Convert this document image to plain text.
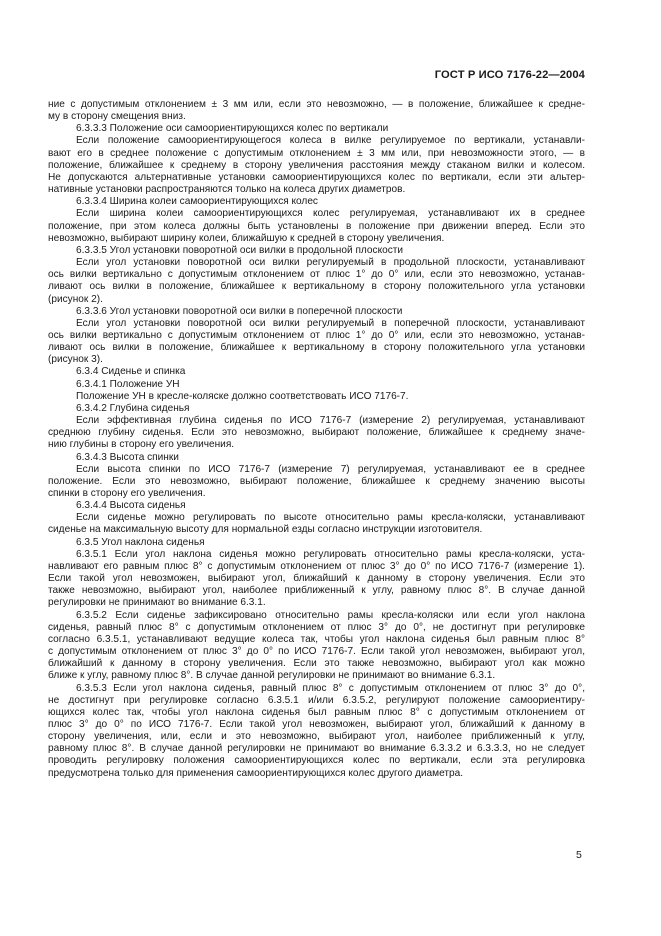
ГОСТ Р ИСО 7176-22—2004
ние с допустимым отклонением ± 3 мм или, если это невозможно, — в положение, ближайшее к средне-
му в сторону смещения вниз.
6.3.3.3 Положение оси самоориентирующихся колес по вертикали
Если положение самоориентирующегося колеса в вилке регулируемое по вертикали, устанавли-
вают его в среднее положение с допустимым отклонением ± 3 мм или, при невозможности этого, — в
положение, ближайшее к среднему в сторону увеличения расстояния между стаканом вилки и колесом.
Не допускаются альтернативные установки самоориентирующихся колес по вертикали, если эти альтер-
нативные установки распространяются только на колеса других диаметров.
6.3.3.4 Ширина колеи самоориентирующихся колес
Если ширина колеи самоориентирующихся колес регулируемая, устанавливают их в среднее
положение, при этом колеса должны быть установлены в положение при движении вперед. Если это
невозможно, выбирают ширину колеи, ближайшую к средней в сторону увеличения.
6.3.3.5 Угол установки поворотной оси вилки в продольной плоскости
Если угол установки поворотной оси вилки регулируемый в продольной плоскости, устанавливают
ось вилки вертикально с допустимым отклонением от плюс 1° до 0° или, если это невозможно, устанав-
ливают ось вилки в положение, ближайшее к вертикальному в сторону положительного угла установки
(рисунок 2).
6.3.3.6 Угол установки поворотной оси вилки в поперечной плоскости
Если угол установки поворотной оси вилки регулируемый в поперечной плоскости, устанавливают
ось вилки вертикально с допустимым отклонением от плюс 1° до 0° или, если это невозможно, устанав-
ливают ось вилки в положение, ближайшее к вертикальному в сторону положительного угла установки
(рисунок 3).
6.3.4 Сиденье и спинка
6.3.4.1 Положение УН
Положение УН в кресле-коляске должно соответствовать ИСО 7176-7.
6.3.4.2 Глубина сиденья
Если эффективная глубина сиденья по ИСО 7176-7 (измерение 2) регулируемая, устанавливают
среднюю глубину сиденья. Если это невозможно, выбирают положение, ближайшее к среднему значе-
нию глубины в сторону его увеличения.
6.3.4.3 Высота спинки
Если высота спинки по ИСО 7176-7 (измерение 7) регулируемая, устанавливают ее в среднее
положение. Если это невозможно, выбирают положение, ближайшее к среднему значению высоты
спинки в сторону его увеличения.
6.3.4.4 Высота сиденья
Если сиденье можно регулировать по высоте относительно рамы кресла-коляски, устанавливают
сиденье на максимальную высоту для нормальной езды согласно инструкции изготовителя.
6.3.5 Угол наклона сиденья
6.3.5.1 Если угол наклона сиденья можно регулировать относительно рамы кресла-коляски, уста-
навливают его равным плюс 8° с допустимым отклонением от плюс 3° до 0° по ИСО 7176-7 (измерение 1).
Если такой угол невозможен, выбирают угол, ближайший к данному в сторону увеличения. Если это
также невозможно, выбирают угол, наиболее приближенный к углу, равному плюс 8°. В случае данной
регулировки не принимают во внимание 6.3.1.
6.3.5.2 Если сиденье зафиксировано относительно рамы кресла-коляски или если угол наклона
сиденья, равный плюс 8° с допустимым отклонением от плюс 3° до 0°, не достигнут при регулировке
согласно 6.3.5.1, устанавливают ведущие колеса так, чтобы угол наклона сиденья был равным плюс 8°
с допустимым отклонением от плюс 3° до 0° по ИСО 7176-7. Если такой угол невозможен, выбирают угол,
ближайший к данному в сторону увеличения. Если это также невозможно, выбирают угол как можно
ближе к углу, равному плюс 8°. В случае данной регулировки не принимают во внимание 6.3.1.
6.3.5.3 Если угол наклона сиденья, равный плюс 8° с допустимым отклонением от плюс 3° до 0°,
не достигнут при регулировке согласно 6.3.5.1 и/или 6.3.5.2, регулируют положение самоориентиру-
ющихся колес так, чтобы угол наклона сиденья был равным плюс 8° с допустимым отклонением от
плюс 3° до 0° по ИСО 7176-7. Если такой угол невозможен, выбирают угол, ближайший к данному в
сторону увеличения, или, если и это невозможно, выбирают угол, наиболее приближенный к углу,
равному плюс 8°. В случае данной регулировки не принимают во внимание 6.3.3.2 и 6.3.3.3, но не следует
проводить регулировку положения самоориентирующихся колес по вертикали, если эта регулировка
предусмотрена только для применения самоориентирующихся колес другого диаметра.
5
